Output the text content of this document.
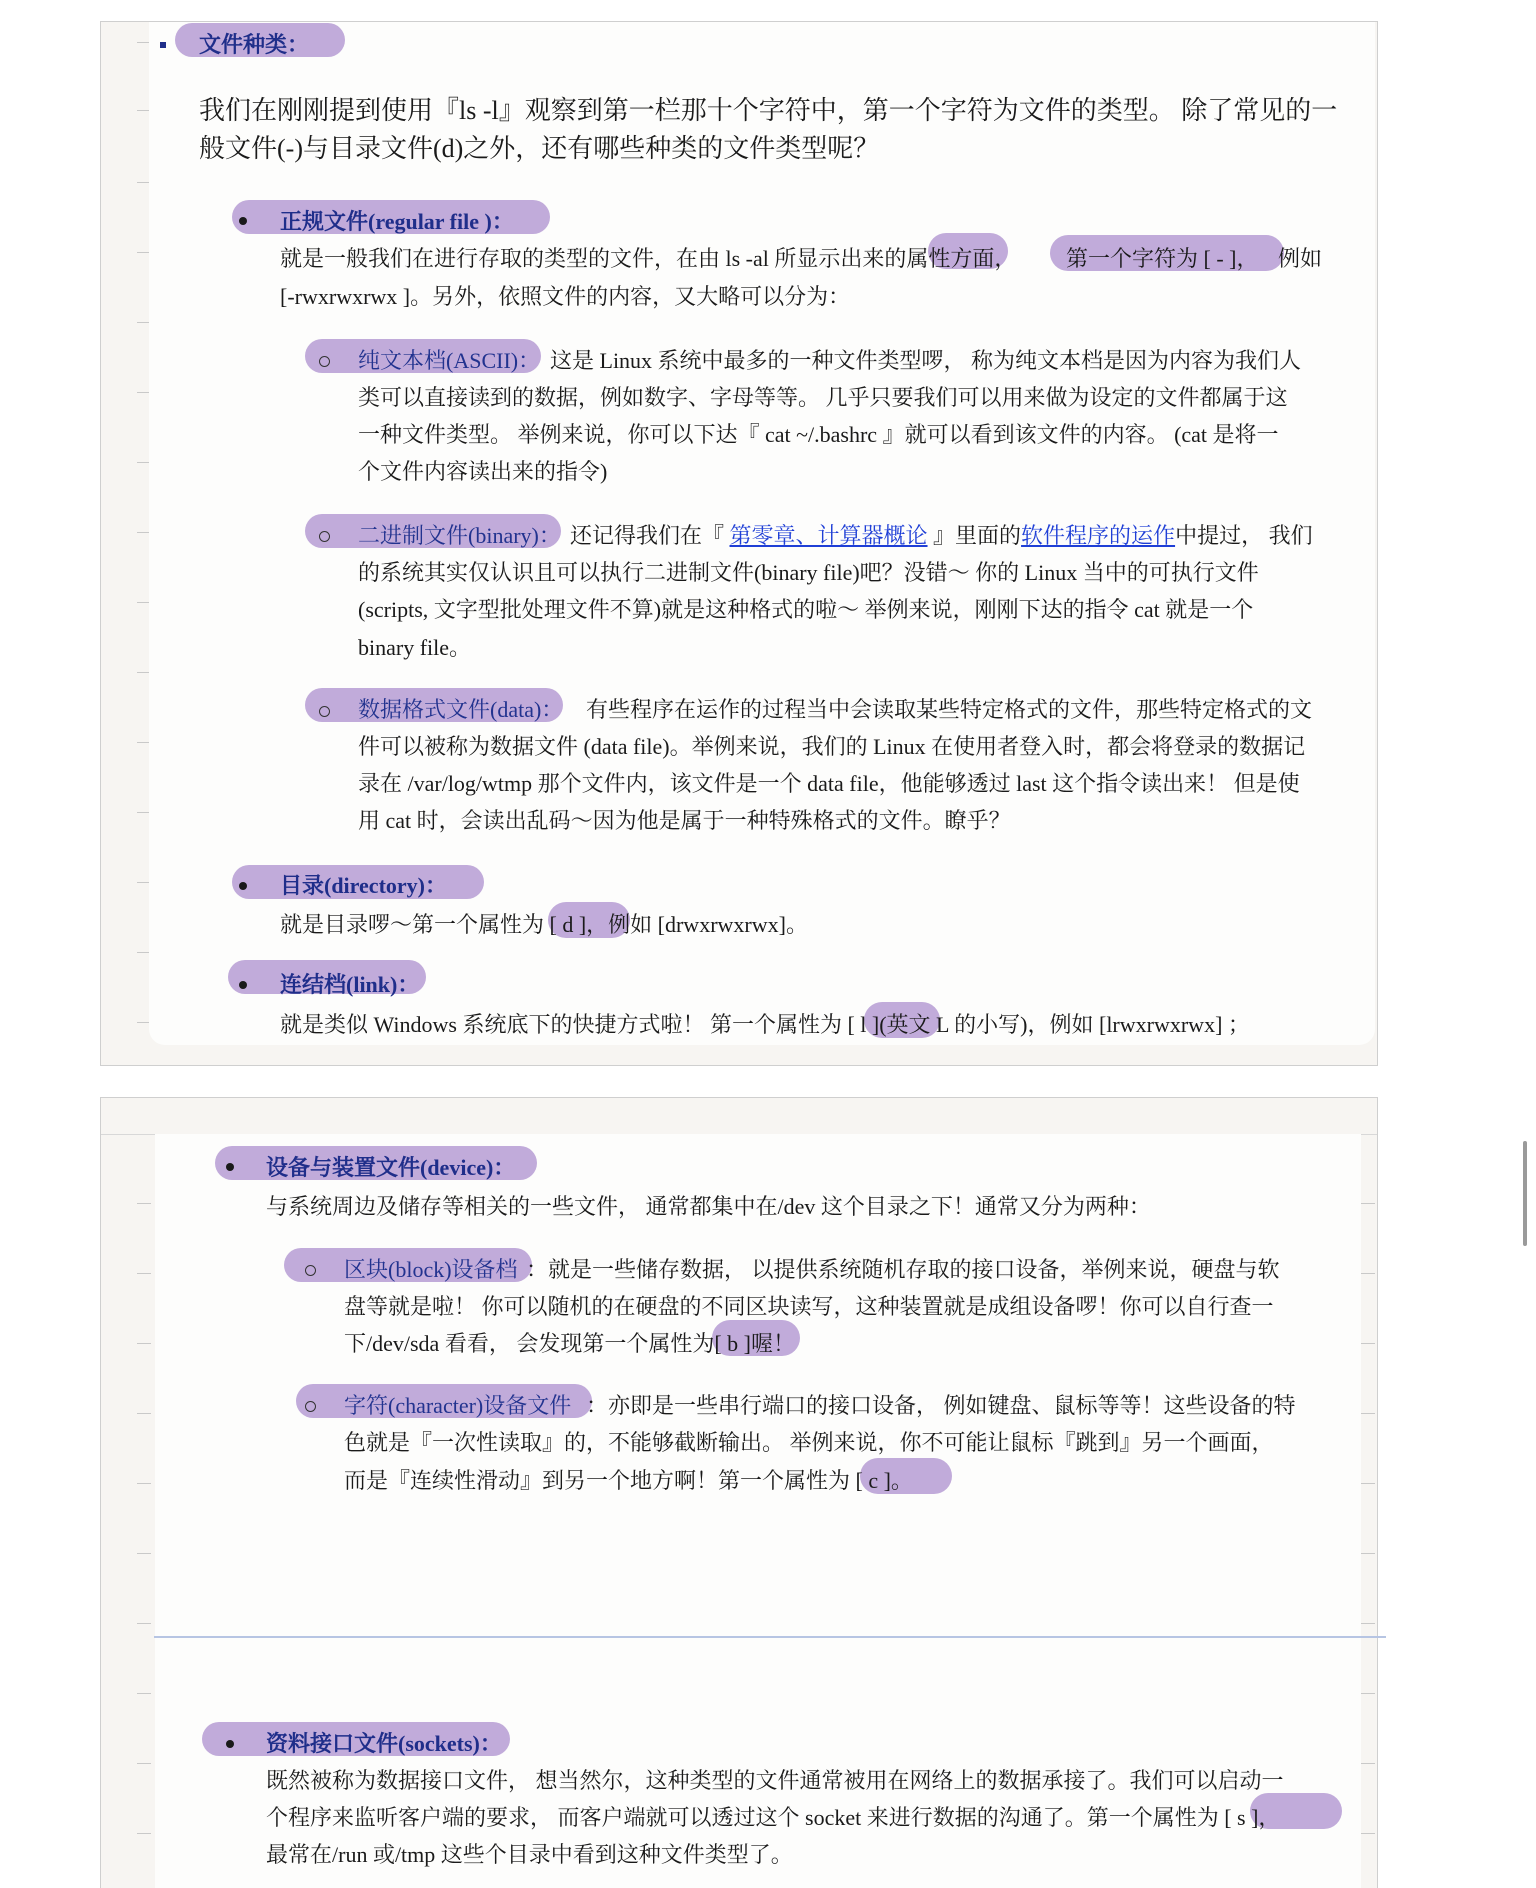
文件种类：
我们在刚刚提到使用『ls -l』观察到第一栏那十个字符中，第一个字符为文件的类型。 除了常见的一
般文件(-)与目录文件(d)之外，还有哪些种类的文件类型呢？
正规文件(regular file )：
就是一般我们在进行存取的类型的文件，在由 ls -al 所显示出来的属性方面， 第一个字符为 [ - ]， 例如
[-rwxrwxrwx ]。另外，依照文件的内容，又大略可以分为：
纯文本档(ASCII)： 这是 Linux 系统中最多的一种文件类型啰， 称为纯文本档是因为内容为我们人
类可以直接读到的数据，例如数字、字母等等。 几乎只要我们可以用来做为设定的文件都属于这
一种文件类型。 举例来说，你可以下达『 cat ~/.bashrc 』就可以看到该文件的内容。 (cat 是将一
个文件内容读出来的指令)
二进制文件(binary)： 还记得我们在『 第零章、计算器概论 』里面的软件程序的运作中提过， 我们
的系统其实仅认识且可以执行二进制文件(binary file)吧？没错～ 你的 Linux 当中的可执行文件
(scripts, 文字型批处理文件不算)就是这种格式的啦～ 举例来说，刚刚下达的指令 cat 就是一个
binary file。
数据格式文件(data)： 有些程序在运作的过程当中会读取某些特定格式的文件，那些特定格式的文
件可以被称为数据文件 (data file)。举例来说，我们的 Linux 在使用者登入时，都会将登录的数据记
录在 /var/log/wtmp 那个文件内，该文件是一个 data file，他能够透过 last 这个指令读出来！ 但是使
用 cat 时，会读出乱码～因为他是属于一种特殊格式的文件。瞭乎？
目录(directory)：
就是目录啰～第一个属性为 [ d ]，例如 [drwxrwxrwx]。
连结档(link)：
就是类似 Windows 系统底下的快捷方式啦！ 第一个属性为 [ l ](英文 L 的小写)，例如 [lrwxrwxrwx] ；
设备与装置文件(device)：
与系统周边及储存等相关的一些文件， 通常都集中在/dev 这个目录之下！通常又分为两种：
区块(block)设备档 ：就是一些储存数据， 以提供系统随机存取的接口设备，举例来说，硬盘与软
盘等就是啦！ 你可以随机的在硬盘的不同区块读写，这种装置就是成组设备啰！你可以自行查一
下/dev/sda 看看， 会发现第一个属性为[ b ]喔！
字符(character)设备文件 ：亦即是一些串行端口的接口设备， 例如键盘、鼠标等等！这些设备的特
色就是『一次性读取』的，不能够截断输出。 举例来说，你不可能让鼠标『跳到』另一个画面，
而是『连续性滑动』到另一个地方啊！第一个属性为 [ c ]。
资料接口文件(sockets)：
既然被称为数据接口文件， 想当然尔，这种类型的文件通常被用在网络上的数据承接了。我们可以启动一
个程序来监听客户端的要求， 而客户端就可以透过这个 socket 来进行数据的沟通了。第一个属性为 [ s ]，
最常在/run 或/tmp 这些个目录中看到这种文件类型了。
